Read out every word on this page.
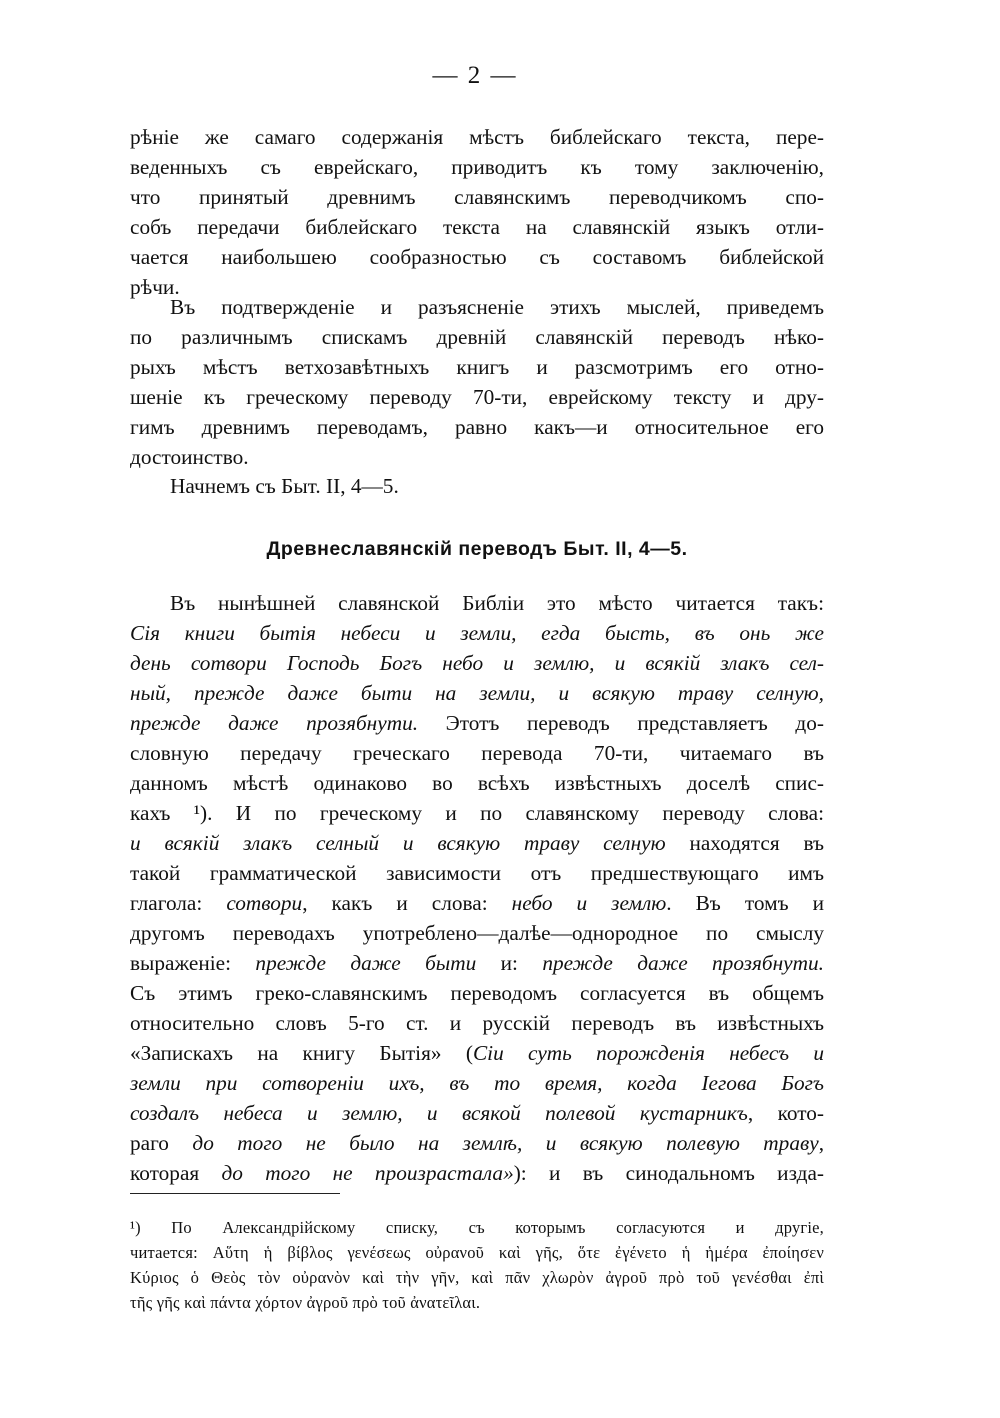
— 2 —
рѣніе же самаго содержанія мѣстъ библейскаго текста, пере-
веденныхъ съ еврейскаго, приводитъ къ тому заключенію,
что принятый древнимъ славянскимъ переводчикомъ спо-
собъ передачи библейскаго текста на славянскій языкъ отли-
чается наибольшею сообразностью съ составомъ библейской
рѣчи.
Въ подтвержденіе и разъясненіе этихъ мыслей, приведемъ
по различнымъ спискамъ древній славянскій переводъ нѣко-
рыхъ мѣстъ ветхозавѣтныхъ книгъ и разсмотримъ его отно-
шеніе къ греческому переводу 70-ти, еврейскому тексту и дру-
гимъ древнимъ переводамъ, равно какъ—и относительное его
достоинство.
Начнемъ съ Быт. II, 4—5.
Древнеславянскій переводъ Быт. II, 4—5.
Въ нынѣшней славянской Библіи это мѣсто читается такъ:
Сія книги бытія небеси и земли, егда бысть, въ онь же
день сотвори Господь Богъ небо и землю, и всякій злакъ сел-
ный, прежде даже быти на земли, и всякую траву селную,
прежде даже прозябнути. Этотъ переводъ представляетъ до-
словную передачу греческаго перевода 70-ти, читаемаго въ
данномъ мѣстѣ одинаково во всѣхъ извѣстныхъ доселѣ спис-
кахъ ¹). И по греческому и по славянскому переводу слова:
и всякій злакъ селный и всякую траву селную находятся въ
такой грамматической зависимости отъ предшествующаго имъ
глагола: сотвори, какъ и слова: небо и землю. Въ томъ и
другомъ переводахъ употреблено—далѣе—однородное по смыслу
выраженіе: прежде даже быти и: прежде даже прозябнути.
Съ этимъ греко-славянскимъ переводомъ согласуется въ общемъ
относительно словъ 5-го ст. и русскій переводъ въ извѣстныхъ
«Запискахъ на книгу Бытія» (Сіи суть порожденія небесъ и
земли при сотвореніи ихъ, въ то время, когда Іегова Богъ
создалъ небеса и землю, и всякой полевой кустарникъ, кото-
раго до того не было на землѣ, и всякую полевую траву,
которая до того не произрастала»): и въ синодальномъ изда-
¹) По Александрійскому списку, съ которымъ согласуются и другіе,
читается: Αὕτη ἡ βίβλος γενέσεως οὐρανοῦ καὶ γῆς, ὅτε ἐγένετο ἡ ἡμέρα ἐποίησεν
Κύριος ὁ Θεὸς τὸν οὐρανὸν καὶ τὴν γῆν, καὶ πᾶν χλωρὸν ἀγροῦ πρὸ τοῦ γενέσθαι ἐπὶ
τῆς γῆς καὶ πάντα χόρτον ἀγροῦ πρὸ τοῦ ἀνατεῖλαι.
